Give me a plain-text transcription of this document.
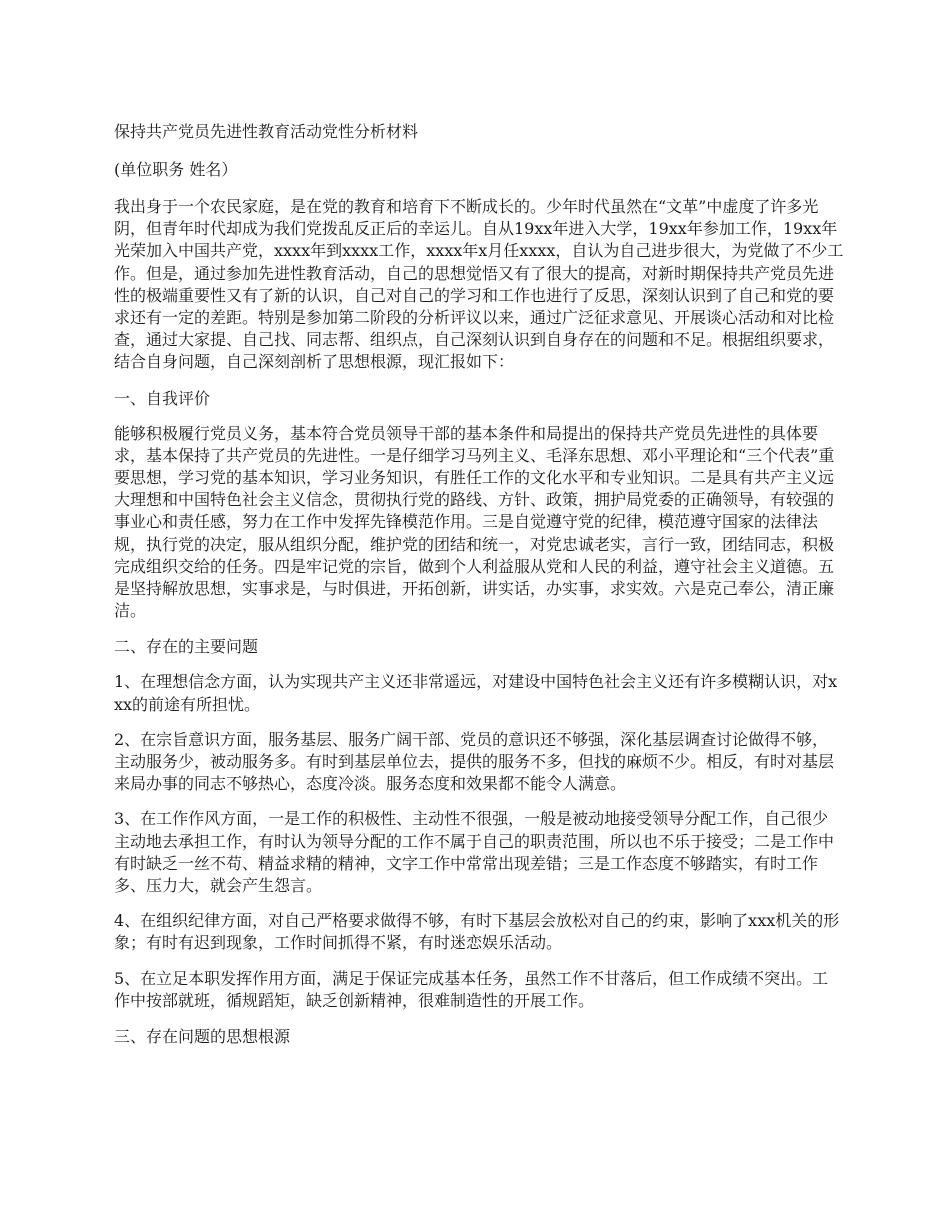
保持共产党员先进性教育活动党性分析材料
(单位职务 姓名）

我出身于一个农民家庭，是在党的教育和培育下不断成长的。少年时代虽然在“文革”中虚度了许多光阴，但青年时代却成为我们党拨乱反正后的幸运儿。自从19xx年进入大学，19xx年参加工作，19xx年光荣加入中国共产党，xxxx年到xxxx工作，xxxx年x月任xxxx，自认为自己进步很大，为党做了不少工作。但是，通过参加先进性教育活动，自己的思想觉悟又有了很大的提高，对新时期保持共产党员先进性的极端重要性又有了新的认识，自己对自己的学习和工作也进行了反思，深刻认识到了自己和党的要求还有一定的差距。特别是参加第二阶段的分析评议以来，通过广泛征求意见、开展谈心活动和对比检查，通过大家提、自己找、同志帮、组织点，自己深刻认识到自身存在的问题和不足。根据组织要求，结合自身问题，自己深刻剖析了思想根源，现汇报如下：

一、自我评价

能够积极履行党员义务，基本符合党员领导干部的基本条件和局提出的保持共产党员先进性的具体要求，基本保持了共产党员的先进性。一是仔细学习马列主义、毛泽东思想、邓小平理论和“三个代表”重要思想，学习党的基本知识，学习业务知识，有胜任工作的文化水平和专业知识。二是具有共产主义远大理想和中国特色社会主义信念，贯彻执行党的路线、方针、政策，拥护局党委的正确领导，有较强的事业心和责任感，努力在工作中发挥先锋模范作用。三是自觉遵守党的纪律，模范遵守国家的法律法规，执行党的决定，服从组织分配，维护党的团结和统一，对党忠诚老实，言行一致，团结同志，积极完成组织交给的任务。四是牢记党的宗旨，做到个人利益服从党和人民的利益，遵守社会主义道德。五是坚持解放思想，实事求是，与时俱进，开拓创新，讲实话，办实事，求实效。六是克己奉公，清正廉洁。

二、存在的主要问题

1、在理想信念方面，认为实现共产主义还非常遥远，对建设中国特色社会主义还有许多模糊认识，对xxx的前途有所担忧。

2、在宗旨意识方面，服务基层、服务广阔干部、党员的意识还不够强，深化基层调查讨论做得不够，主动服务少，被动服务多。有时到基层单位去，提供的服务不多，但找的麻烦不少。相反，有时对基层来局办事的同志不够热心，态度冷淡。服务态度和效果都不能令人满意。

3、在工作作风方面，一是工作的积极性、主动性不很强，一般是被动地接受领导分配工作，自己很少主动地去承担工作，有时认为领导分配的工作不属于自己的职责范围，所以也不乐于接受；二是工作中有时缺乏一丝不苟、精益求精的精神，文字工作中常常出现差错；三是工作态度不够踏实，有时工作多、压力大，就会产生怨言。

4、在组织纪律方面，对自己严格要求做得不够，有时下基层会放松对自己的约束，影响了xxx机关的形象；有时有迟到现象，工作时间抓得不紧，有时迷恋娱乐活动。

5、在立足本职发挥作用方面，满足于保证完成基本任务，虽然工作不甘落后，但工作成绩不突出。工作中按部就班，循规蹈矩，缺乏创新精神，很难制造性的开展工作。

三、存在问题的思想根源
